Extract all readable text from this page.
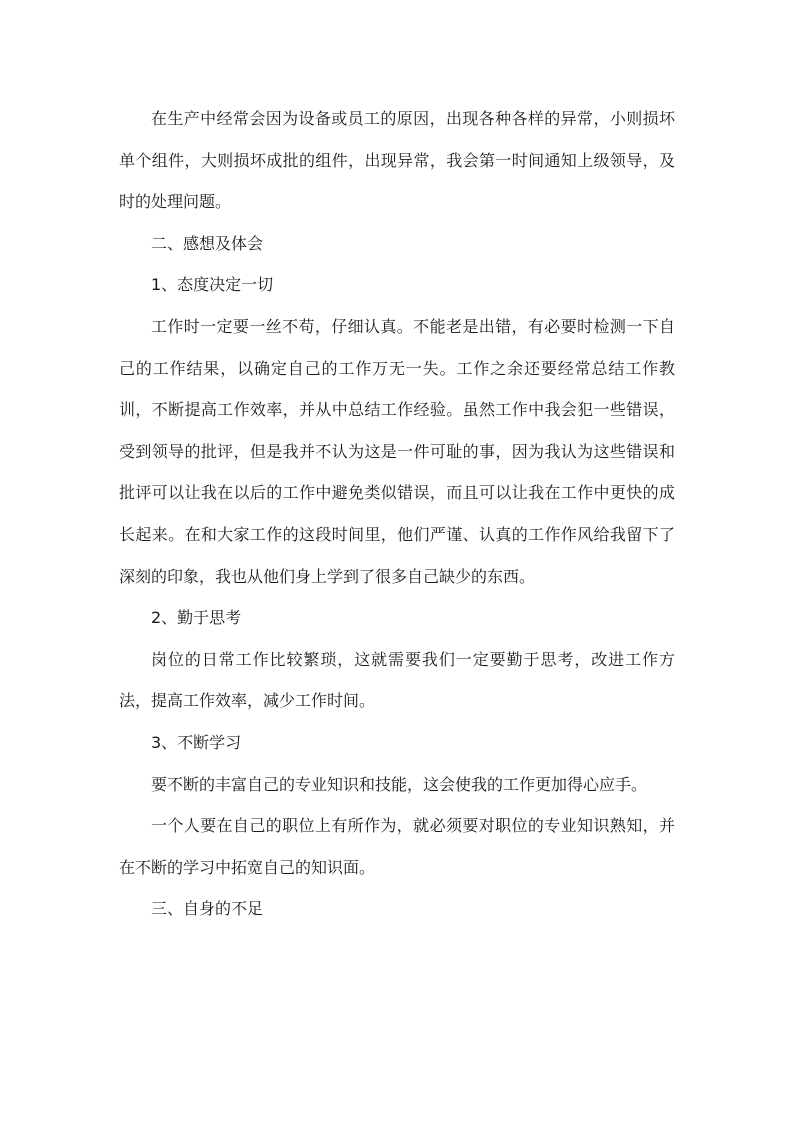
在生产中经常会因为设备或员工的原因，出现各种各样的异常，小则损坏单个组件，大则损坏成批的组件，出现异常，我会第一时间通知上级领导，及时的处理问题。

二、感想及体会

1、态度决定一切

工作时一定要一丝不苟，仔细认真。不能老是出错，有必要时检测一下自己的工作结果，以确定自己的工作万无一失。工作之余还要经常总结工作教训，不断提高工作效率，并从中总结工作经验。虽然工作中我会犯一些错误，受到领导的批评，但是我并不认为这是一件可耻的事，因为我认为这些错误和批评可以让我在以后的工作中避免类似错误，而且可以让我在工作中更快的成长起来。在和大家工作的这段时间里，他们严谨、认真的工作作风给我留下了深刻的印象，我也从他们身上学到了很多自己缺少的东西。

2、勤于思考

岗位的日常工作比较繁琐，这就需要我们一定要勤于思考，改进工作方法，提高工作效率，减少工作时间。

3、不断学习

要不断的丰富自己的专业知识和技能，这会使我的工作更加得心应手。

一个人要在自己的职位上有所作为，就必须要对职位的专业知识熟知，并在不断的学习中拓宽自己的知识面。

三、自身的不足
